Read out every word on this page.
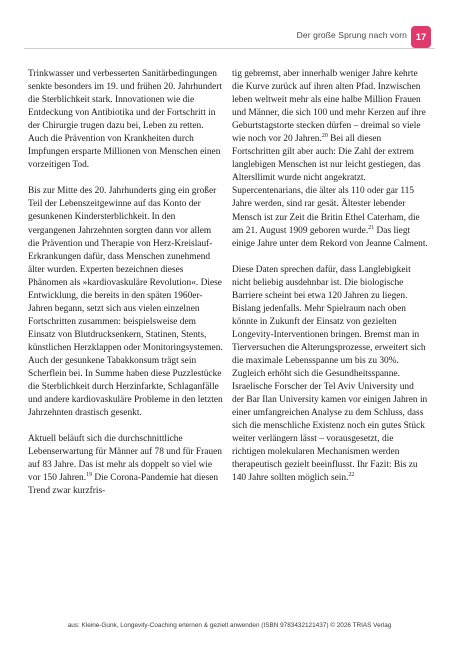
Der große Sprung nach vorn 17

Trinkwasser und verbesserten Sanitärbedingungen senkte besonders im 19. und frühen 20. Jahrhundert die Sterblichkeit stark. Innovationen wie die Entdeckung von Antibiotika und der Fortschritt in der Chirurgie trugen dazu bei, Leben zu retten. Auch die Prävention von Krankheiten durch Impfungen ersparte Millionen von Menschen einen vorzeitigen Tod.

Bis zur Mitte des 20. Jahrhunderts ging ein großer Teil der Lebenszeitgewinne auf das Konto der gesunkenen Kindersterblichkeit. In den vergangenen Jahrzehnten sorgten dann vor allem die Prävention und Therapie von Herz-Kreislauf-Erkrankungen dafür, dass Menschen zunehmend älter wurden. Experten bezeichnen dieses Phänomen als »kardiovaskuläre Revolution«. Diese Entwicklung, die bereits in den späten 1960er-Jahren begann, setzt sich aus vielen einzelnen Fortschritten zusammen: beispielsweise dem Einsatz von Blutdrucksenkern, Statinen, Stents, künstlichen Herzklappen oder Monitoringsystemen. Auch der gesunkene Tabakkonsum trägt sein Scherflein bei. In Summe haben diese Puzzlestücke die Sterblichkeit durch Herzinfarkte, Schlaganfälle und andere kardiovaskuläre Probleme in den letzten Jahrzehnten drastisch gesenkt.

Aktuell beläuft sich die durchschnittliche Lebenserwartung für Männer auf 78 und für Frauen auf 83 Jahre. Das ist mehr als doppelt so viel wie vor 150 Jahren.$^{19}$ Die Corona-Pandemie hat diesen Trend zwar kurzfris-

tig gebremst, aber innerhalb weniger Jahre kehrte die Kurve zurück auf ihren alten Pfad. Inzwischen leben weltweit mehr als eine halbe Million Frauen und Männer, die sich 100 und mehr Kerzen auf ihre Geburtstagstorte stecken dürfen – dreimal so viele wie noch vor 20 Jahren.$^{20}$ Bei all diesen Fortschritten gilt aber auch: Die Zahl der extrem langlebigen Menschen ist nur leicht gestiegen, das Altersllimit wurde nicht angekratzt. Supercentenarians, die älter als 110 oder gar 115 Jahre werden, sind rar gesät. Ältester lebender Mensch ist zur Zeit die Britin Ethel Caterham, die am 21. August 1909 geboren wurde.$^{21}$ Das liegt einige Jahre unter dem Rekord von Jeanne Calment.

Diese Daten sprechen dafür, dass Langlebigkeit nicht beliebig ausdehnbar ist. Die biologische Barriere scheint bei etwa 120 Jahren zu liegen. Bislang jedenfalls. Mehr Spielraum nach oben könnte in Zukunft der Einsatz von gezielten Longevity-Interventionen bringen. Bremst man in Tierversuchen die Alterungsprozesse, erweitert sich die maximale Lebensspanne um bis zu 30%. Zugleich erhöht sich die Gesundheitsspanne. Israelische Forscher der Tel Aviv University und der Bar Ilan University kamen vor einigen Jahren in einer umfangreichen Analyse zu dem Schluss, dass sich die menschliche Existenz noch ein gutes Stück weiter verlängern lässt – vorausgesetzt, die richtigen molekularen Mechanismen werden therapeutisch gezielt beeinflusst. Ihr Fazit: Bis zu 140 Jahre sollten möglich sein.$^{22}$

aus: Kleine-Gunk, Longevity-Coaching erlernen & gezielt anwenden (ISBN 9783432121437) © 2026 TRIAS Verlag
